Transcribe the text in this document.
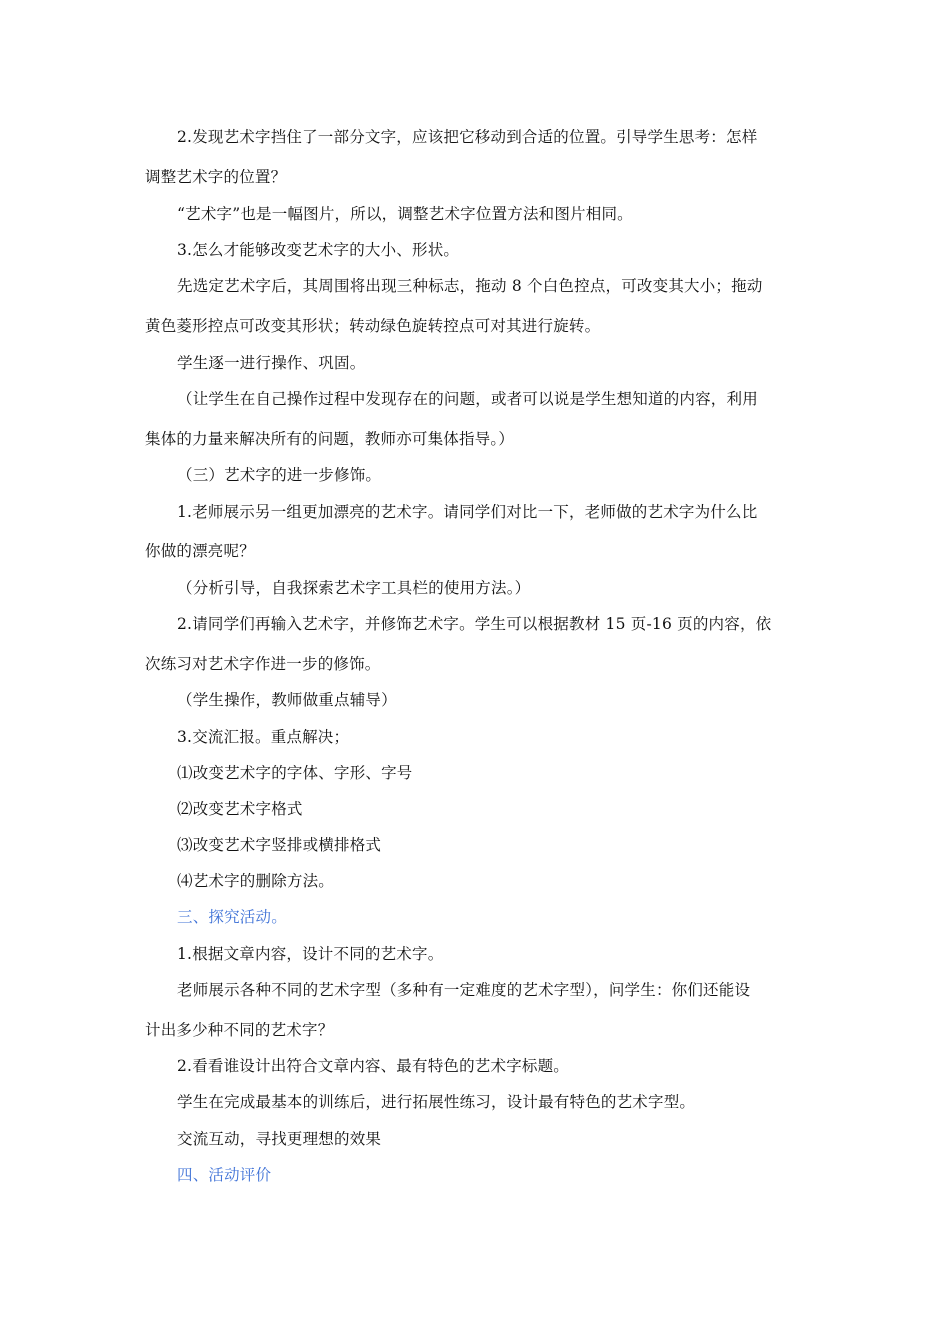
2.发现艺术字挡住了一部分文字，应该把它移动到合适的位置。引导学生思考：怎样
调整艺术字的位置？
“艺术字”也是一幅图片，所以，调整艺术字位置方法和图片相同。
3.怎么才能够改变艺术字的大小、形状。
先选定艺术字后，其周围将出现三种标志，拖动 8 个白色控点，可改变其大小；拖动
黄色菱形控点可改变其形状；转动绿色旋转控点可对其进行旋转。
学生逐一进行操作、巩固。
（让学生在自己操作过程中发现存在的问题，或者可以说是学生想知道的内容，利用
集体的力量来解决所有的问题，教师亦可集体指导。）
（三）艺术字的进一步修饰。
1.老师展示另一组更加漂亮的艺术字。请同学们对比一下，老师做的艺术字为什么比
你做的漂亮呢？
（分析引导，自我探索艺术字工具栏的使用方法。）
2.请同学们再输入艺术字，并修饰艺术字。学生可以根据教材 15 页-16 页的内容，依
次练习对艺术字作进一步的修饰。
（学生操作，教师做重点辅导）
3.交流汇报。重点解决；
⑴改变艺术字的字体、字形、字号
⑵改变艺术字格式
⑶改变艺术字竖排或横排格式
⑷艺术字的删除方法。
三、探究活动。
1.根据文章内容，设计不同的艺术字。
老师展示各种不同的艺术字型（多种有一定难度的艺术字型），问学生：你们还能设
计出多少种不同的艺术字？
2.看看谁设计出符合文章内容、最有特色的艺术字标题。
学生在完成最基本的训练后，进行拓展性练习，设计最有特色的艺术字型。
交流互动，寻找更理想的效果
四、活动评价
